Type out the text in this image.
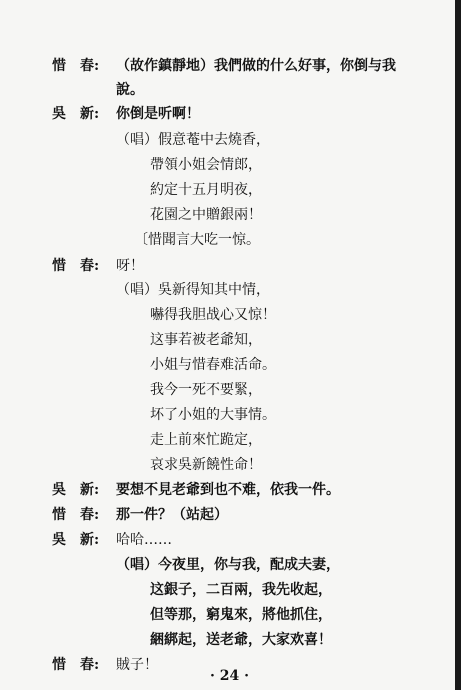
惜　春: （故作鎮靜地）我們做的什么好事，你倒与我
說。
吳　新: 你倒是听啊！
（唱）假意菴中去燒香，
帶領小姐会情郎，
約定十五月明夜，
花園之中贈銀兩！
〔惜聞言大吃一惊。
惜　春: 呀！
（唱）吳新得知其中情，
嚇得我胆战心又惊！
这事若被老爺知，
小姐与惜春难活命。
我今一死不要緊，
坏了小姐的大事情。
走上前來忙跪定，
哀求吳新饒性命！
吳　新: 要想不見老爺到也不难，依我一件。
惜　春: 那一件？（站起）
吳　新: 哈哈……
（唱）今夜里，你与我，配成夫妻，
这銀子，二百兩，我先收起，
但等那，窮鬼來，將他抓住，
綑綁起，送老爺，大家欢喜！
惜　春: 賊子！
· 24 ·
